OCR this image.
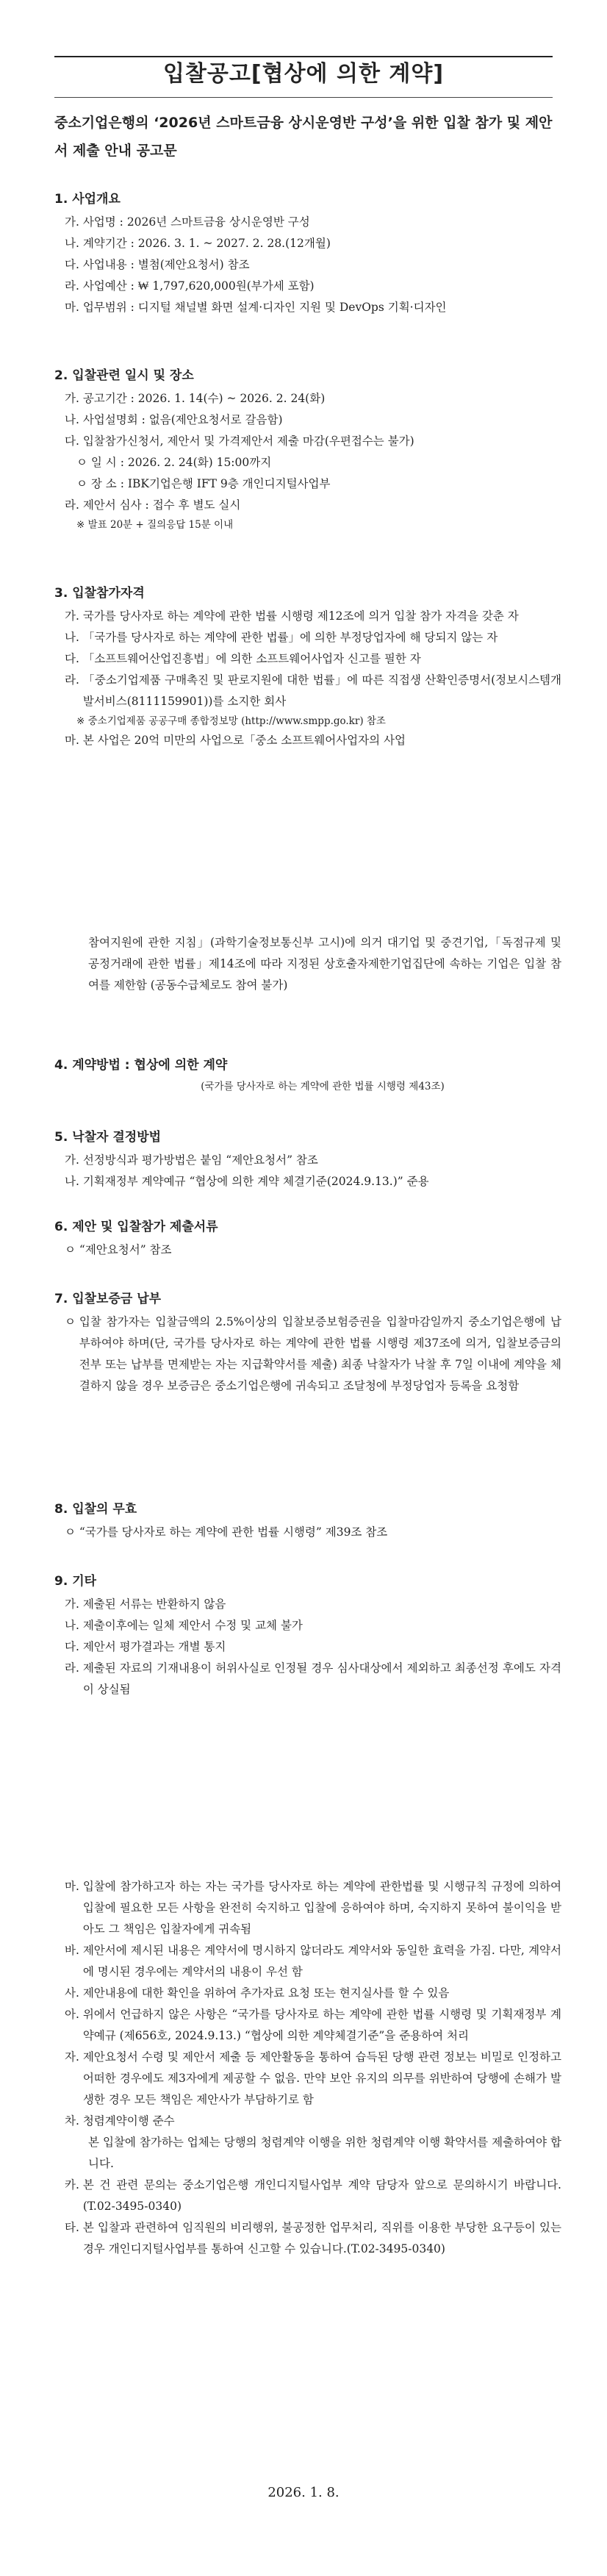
입찰공고[협상에 의한 계약]
중소기업은행의 ‘2026년 스마트금융 상시운영반 구성’을 위한 입찰 참가 및 제안서 제출 안내 공고문
1. 사업개요
가. 사업명 : 2026년 스마트금융 상시운영반 구성
나. 계약기간 : 2026. 3. 1. ~ 2027. 2. 28.(12개월)
다. 사업내용 : 별첨(제안요청서) 참조
라. 사업예산 : ₩ 1,797,620,000원(부가세 포함)
마. 업무범위 : 디지털 채널별 화면 설계·디자인 지원 및 DevOps 기획·디자인
2. 입찰관련 일시 및 장소
가. 공고기간 : 2026. 1. 14(수) ~ 2026. 2. 24(화)
나. 사업설명회 : 없음(제안요청서로 갈음함)
다. 입찰참가신청서, 제안서 및 가격제안서 제출 마감(우편접수는 불가)
ㅇ 일 시 : 2026. 2. 24(화) 15:00까지
ㅇ 장 소 : IBK기업은행 IFT 9층 개인디지털사업부
라. 제안서 심사 : 접수 후 별도 실시
※ 발표 20분 + 질의응답 15분 이내
3. 입찰참가자격
가. 국가를 당사자로 하는 계약에 관한 법률 시행령 제12조에 의거 입찰 참가 자격을 갖춘 자
나. 「국가를 당사자로 하는 계약에 관한 법률」에 의한 부정당업자에 해 당되지 않는 자
다. 「소프트웨어산업진흥법」에 의한 소프트웨어사업자 신고를 필한 자
라. 「중소기업제품 구매촉진 및 판로지원에 대한 법률」에 따른 직접생 산확인증명서(정보시스템개발서비스(8111159901))를 소지한 회사
※ 중소기업제품 공공구매 종합정보망 (http://www.smpp.go.kr) 참조
마. 본 사업은 20억 미만의 사업으로「중소 소프트웨어사업자의 사업
참여지원에 관한 지침」(과학기술정보통신부 고시)에 의거 대기업 및 중견기업,「독점규제 및 공정거래에 관한 법률」제14조에 따라 지정된 상호출자제한기업집단에 속하는 기업은 입찰 참여를 제한함 (공동수급체로도 참여 불가)
4. 계약방법 : 협상에 의한 계약
(국가를 당사자로 하는 계약에 관한 법률 시행령 제43조)
5. 낙찰자 결정방법
가. 선정방식과 평가방법은 붙임 “제안요청서” 참조
나. 기획재정부 계약예규 “협상에 의한 계약 체결기준(2024.9.13.)” 준용
6. 제안 및 입찰참가 제출서류
ㅇ “제안요청서” 참조
7. 입찰보증금 납부
ㅇ 입찰 참가자는 입찰금액의 2.5%이상의 입찰보증보험증권을 입찰마감일까지 중소기업은행에 납부하여야 하며(단, 국가를 당사자로 하는 계약에 관한 법률 시행령 제37조에 의거, 입찰보증금의 전부 또는 납부를 면제받는 자는 지급확약서를 제출) 최종 낙찰자가 낙찰 후 7일 이내에 계약을 체결하지 않을 경우 보증금은 중소기업은행에 귀속되고 조달청에 부정당업자 등록을 요청함
8. 입찰의 무효
ㅇ “국가를 당사자로 하는 계약에 관한 법률 시행령” 제39조 참조
9. 기타
가. 제출된 서류는 반환하지 않음
나. 제출이후에는 일체 제안서 수정 및 교체 불가
다. 제안서 평가결과는 개별 통지
라. 제출된 자료의 기재내용이 허위사실로 인정될 경우 심사대상에서 제외하고 최종선정 후에도 자격이 상실됨
마. 입찰에 참가하고자 하는 자는 국가를 당사자로 하는 계약에 관한법률 및 시행규칙 규정에 의하여 입찰에 필요한 모든 사항을 완전히 숙지하고 입찰에 응하여야 하며, 숙지하지 못하여 불이익을 받아도 그 책임은 입찰자에게 귀속됨
바. 제안서에 제시된 내용은 계약서에 명시하지 않더라도 계약서와 동일한 효력을 가짐. 다만, 계약서에 명시된 경우에는 계약서의 내용이 우선 함
사. 제안내용에 대한 확인을 위하여 추가자료 요청 또는 현지실사를 할 수 있음
아. 위에서 언급하지 않은 사항은 “국가를 당사자로 하는 계약에 관한 법률 시행령 및 기획재정부 계약예규 (제656호, 2024.9.13.) “협상에 의한 계약체결기준”을 준용하여 처리
자. 제안요청서 수령 및 제안서 제출 등 제안활동을 통하여 습득된 당행 관련 정보는 비밀로 인정하고 어떠한 경우에도 제3자에게 제공할 수 없음. 만약 보안 유지의 의무를 위반하여 당행에 손해가 발생한 경우 모든 책임은 제안사가 부담하기로 함
차. 청렴계약이행 준수
본 입찰에 참가하는 업체는 당행의 청렴계약 이행을 위한 청렴계약 이행 확약서를 제출하여야 합니다.
카. 본 건 관련 문의는 중소기업은행 개인디지털사업부 계약 담당자 앞으로 문의하시기 바랍니다.(T.02-3495-0340)
타. 본 입찰과 관련하여 임직원의 비리행위, 불공정한 업무처리, 직위를 이용한 부당한 요구등이 있는 경우 개인디지털사업부를 통하여 신고할 수 있습니다.(T.02-3495-0340)
2026. 1. 8.
